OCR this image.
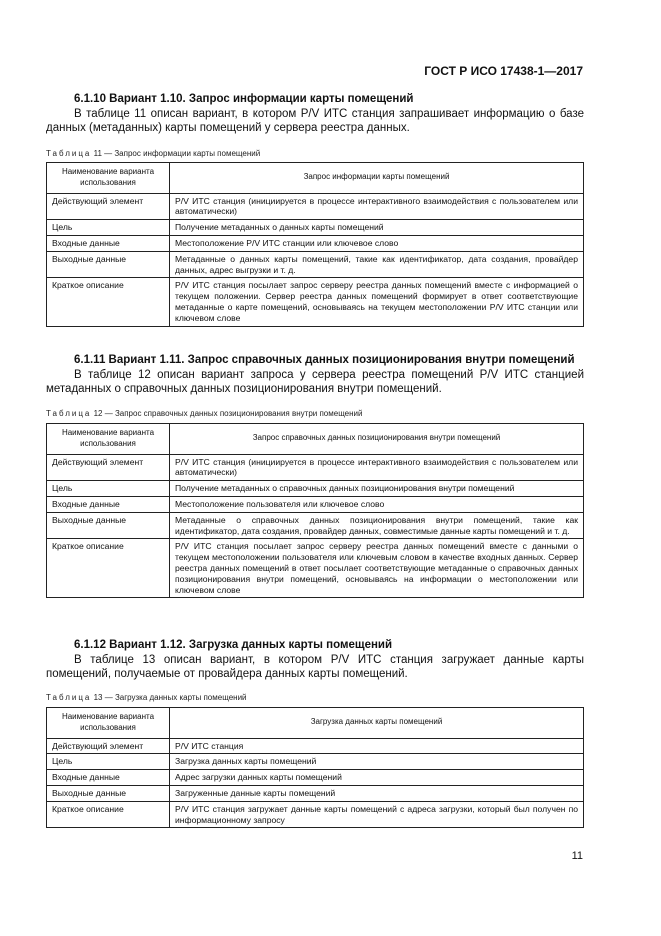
ГОСТ Р ИСО 17438-1—2017
6.1.10 Вариант 1.10. Запрос информации карты помещений
В таблице 11 описан вариант, в котором Р/V ИТС станция запрашивает информацию о базе данных (метаданных) карты помещений у сервера реестра данных.
Таблица 11 — Запрос информации карты помещений
Наименование варианта использования	Запрос информации карты помещений
Действующий элемент	Р/V ИТС станция (инициируется в процессе интерактивного взаимодействия с пользователем или автоматически)
Цель	Получение метаданных о данных карты помещений
Входные данные	Местоположение Р/V ИТС станции или ключевое слово
Выходные данные	Метаданные о данных карты помещений, такие как идентификатор, дата создания, провайдер данных, адрес выгрузки и т. д.
Краткое описание	Р/V ИТС станция посылает запрос серверу реестра данных помещений вместе с информацией о текущем положении. Сервер реестра данных помещений формирует в ответ соответствующие метаданные о карте помещений, основываясь на текущем местоположении Р/V ИТС станции или ключевом слове
6.1.11 Вариант 1.11. Запрос справочных данных позиционирования внутри помещений
В таблице 12 описан вариант запроса у сервера реестра помещений Р/V ИТС станцией метаданных о справочных данных позиционирования внутри помещений.
Таблица 12 — Запрос справочных данных позиционирования внутри помещений
Наименование варианта использования	Запрос справочных данных позиционирования внутри помещений
Действующий элемент	Р/V ИТС станция (инициируется в процессе интерактивного взаимодействия с пользователем или автоматически)
Цель	Получение метаданных о справочных данных позиционирования внутри помещений
Входные данные	Местоположение пользователя или ключевое слово
Выходные данные	Метаданные о справочных данных позиционирования внутри помещений, такие как идентификатор, дата создания, провайдер данных, совместимые данные карты помещений и т. д.
Краткое описание	Р/V ИТС станция посылает запрос серверу реестра данных помещений вместе с данными о текущем местоположении пользователя или ключевым словом в качестве входных данных. Сервер реестра данных помещений в ответ посылает соответствующие метаданные о справочных данных позиционирования внутри помещений, основываясь на информации о местоположении или ключевом слове
6.1.12 Вариант 1.12. Загрузка данных карты помещений
В таблице 13 описан вариант, в котором Р/V ИТС станция загружает данные карты помещений, получаемые от провайдера данных карты помещений.
Таблица 13 — Загрузка данных карты помещений
Наименование варианта использования	Загрузка данных карты помещений
Действующий элемент	Р/V ИТС станция
Цель	Загрузка данных карты помещений
Входные данные	Адрес загрузки данных карты помещений
Выходные данные	Загруженные данные карты помещений
Краткое описание	Р/V ИТС станция загружает данные карты помещений с адреса загрузки, который был получен по информационному запросу
11
